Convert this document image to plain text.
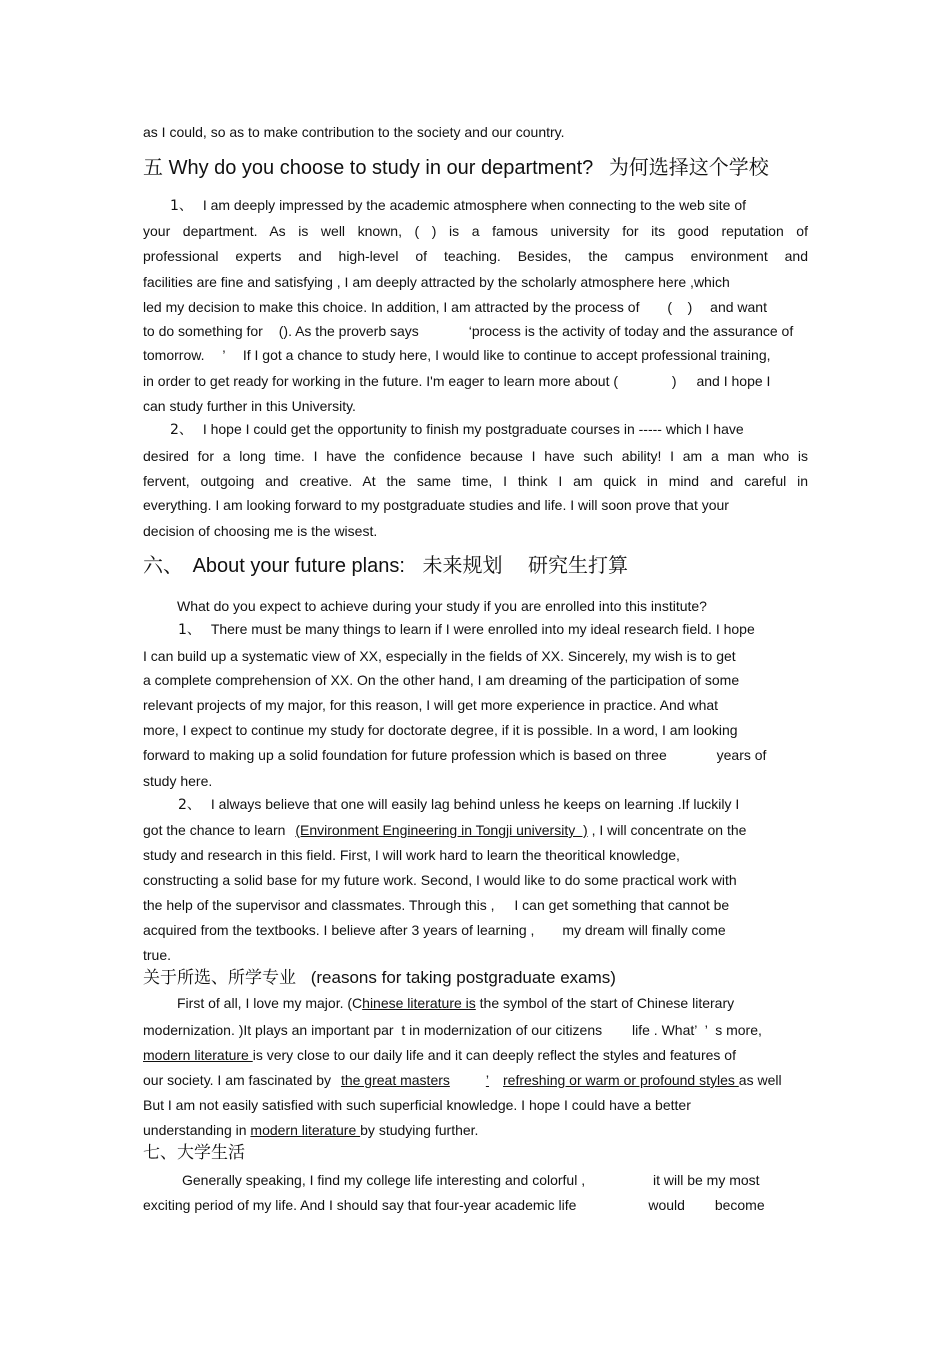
as I could, so as to make contribution to the society and our country.
五 Why do you choose to study in our department? 为何选择这个学校
1、 I am deeply impressed by the academic atmosphere when connecting to the web site of
your department. As is well known, ( ) is a famous university for its good reputation of
professional experts and high-level of teaching. Besides, the campus environment and
facilities are fine and satisfying , I am deeply attracted by the scholarly atmosphere here ,which
led my decision to make this choice. In addition, I am attracted by the process of (    ) and want
to do something for (). As the proverb says	‘process is the activity of today and the assurance of
tomorrow. ’ If I got a chance to study here, I would like to continue to accept professional training,
in order to get ready for working in the future. I'm eager to learn more about (	) and I hope I
can study further in this University.
2、 I hope I could get the opportunity to finish my postgraduate courses in ----- which I have
desired for a long time. I have the confidence because I have such ability! I am a man who is
fervent, outgoing and creative. At the same time, I think I am quick in mind and careful in
everything. I am looking forward to my postgraduate studies and life. I will soon prove that your
decision of choosing me is the wisest.
六、 About your future plans: 未来规划 研究生打算
What do you expect to achieve during your study if you are enrolled into this institute?
1、 There must be many things to learn if I were enrolled into my ideal research field. I hope
I can build up a systematic view of XX, especially in the fields of XX. Sincerely, my wish is to get
a complete comprehension of XX. On the other hand, I am dreaming of the participation of some
relevant projects of my major, for this reason, I will get more experience in practice. And what
more, I expect to continue my study for doctorate degree, if it is possible. In a word, I am looking
forward to making up a solid foundation for future profession which is based on three	years of
study here.
2、 I always believe that one will easily lag behind unless he keeps on learning .If luckily I
got the chance to learn (Environment Engineering in Tongji university  ) , I will concentrate on the
study and research in this field. First, I will work hard to learn the theoritical knowledge,
constructing a solid base for my future work. Second, I would like to do some practical work with
the help of the supervisor and classmates. Through this , I can get something that cannot be
acquired from the textbooks. I believe after 3 years of learning , my dream will finally come
true.
关于所选、所学专业 (reasons for taking postgraduate exams)
First of all, I love my major. (Chinese literature is the symbol of the start of Chinese literary
modernization. )It plays an important par  t in modernization of our citizens life . What’ ’ s more,
modern literature is very close to our daily life and it can deeply reflect the styles and features of
our society. I am fascinated by the great masters	’ refreshing or warm or profound styles as well
But I am not easily satisfied with such superficial knowledge. I hope I could have a better
understanding in modern literature by studying further.
七、大学生活
Generally speaking, I find my college life interesting and colorful ,	it will be my most
exciting period of my life. And I should say that four-year academic life	would become
